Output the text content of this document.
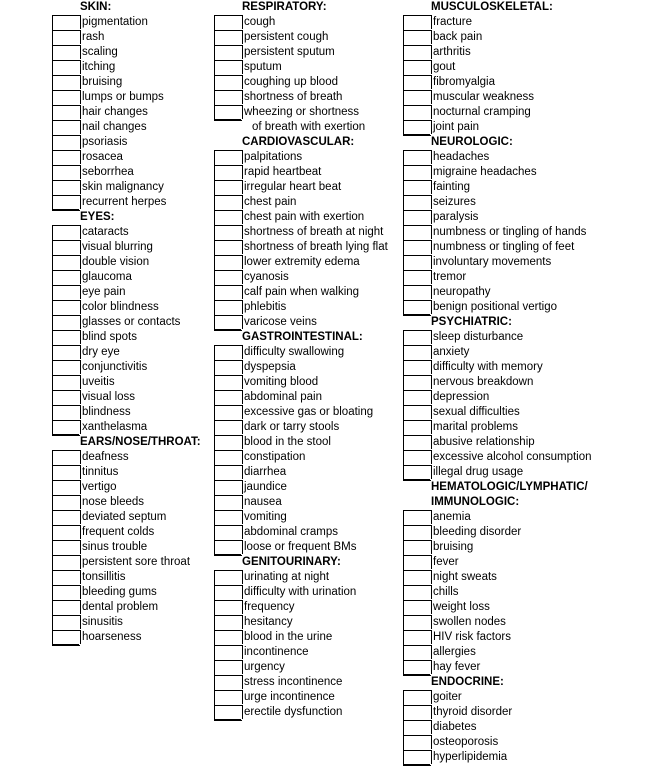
SKIN:
pigmentation
rash
scaling
itching
bruising
lumps or bumps
hair changes
nail changes
psoriasis
rosacea
seborrhea
skin malignancy
recurrent herpes
EYES:
cataracts
visual blurring
double vision
glaucoma
eye pain
color blindness
glasses or contacts
blind spots
dry eye
conjunctivitis
uveitis
visual loss
blindness
xanthelasma
EARS/NOSE/THROAT:
deafness
tinnitus
vertigo
nose bleeds
deviated septum
frequent colds
sinus trouble
persistent sore throat
tonsillitis
bleeding gums
dental problem
sinusitis
hoarseness
RESPIRATORY:
cough
persistent cough
persistent sputum
sputum
coughing up blood
shortness of breath
wheezing or shortness
of breath with exertion
CARDIOVASCULAR:
palpitations
rapid heartbeat
irregular heart beat
chest pain
chest pain with exertion
shortness of breath at night
shortness of breath lying flat
lower extremity edema
cyanosis
calf pain when walking
phlebitis
varicose veins
GASTROINTESTINAL:
difficulty swallowing
dyspepsia
vomiting blood
abdominal pain
excessive gas or bloating
dark or tarry stools
blood in the stool
constipation
diarrhea
jaundice
nausea
vomiting
abdominal cramps
loose or frequent BMs
GENITOURINARY:
urinating at night
difficulty with urination
frequency
hesitancy
blood in the urine
incontinence
urgency
stress incontinence
urge incontinence
erectile dysfunction
MUSCULOSKELETAL:
fracture
back pain
arthritis
gout
fibromyalgia
muscular weakness
nocturnal cramping
joint pain
NEUROLOGIC:
headaches
migraine headaches
fainting
seizures
paralysis
numbness or tingling of hands
numbness or tingling of feet
involuntary movements
tremor
neuropathy
benign positional vertigo
PSYCHIATRIC:
sleep disturbance
anxiety
difficulty with memory
nervous breakdown
depression
sexual difficulties
marital problems
abusive relationship
excessive alcohol consumption
illegal drug usage
HEMATOLOGIC/LYMPHATIC/
IMMUNOLOGIC:
anemia
bleeding disorder
bruising
fever
night sweats
chills
weight loss
swollen nodes
HIV risk factors
allergies
hay fever
ENDOCRINE:
goiter
thyroid disorder
diabetes
osteoporosis
hyperlipidemia
